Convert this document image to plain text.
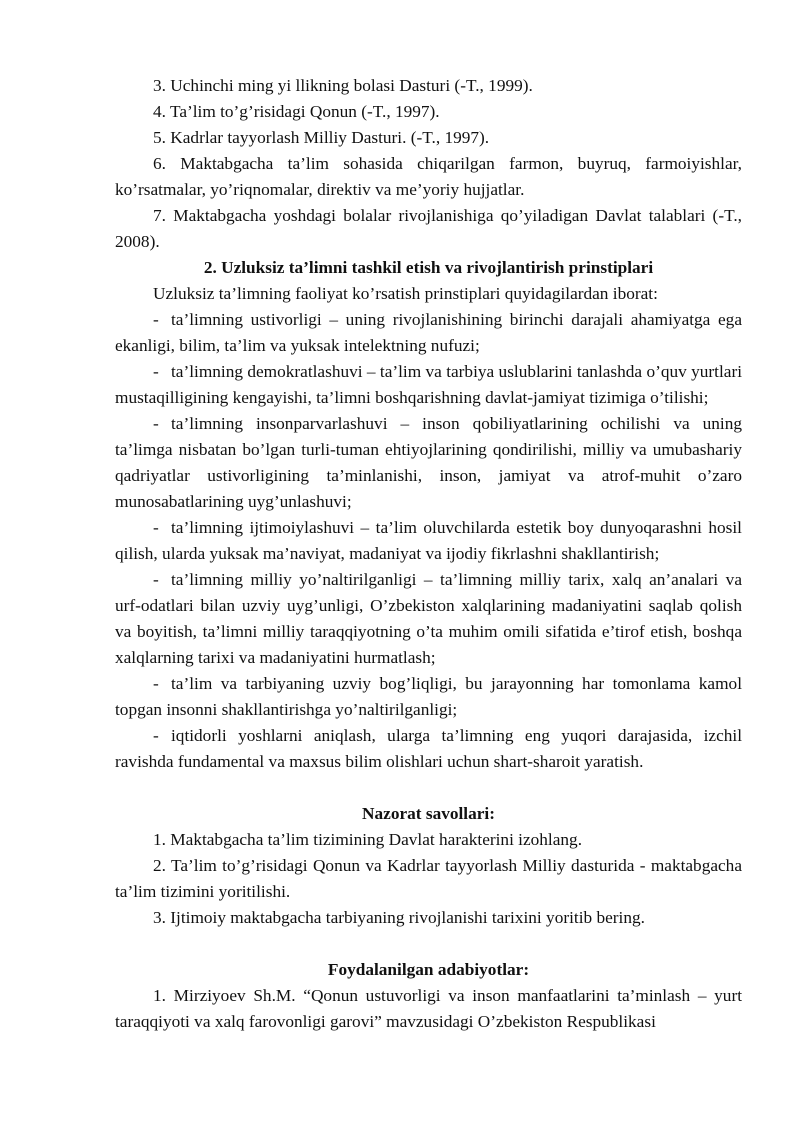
3. Uchinchi ming yi llikning bolasi Dasturi (-T., 1999).

4. Ta’lim to’g’risidagi Qonun (-T., 1997).

5. Kadrlar tayyorlash Milliy Dasturi. (-T., 1997).

6. Maktabgacha ta’lim sohasida chiqarilgan farmon, buyruq, farmoiyishlar, ko’rsatmalar, yo’riqnomalar, direktiv va me’yoriy hujjatlar.

7. Maktabgacha yoshdagi bolalar rivojlanishiga qo’yiladigan Davlat talablari (-T., 2008).

2. Uzluksiz ta’limni tashkil etish va rivojlantirish prinstiplari

Uzluksiz ta’limning faoliyat ko’rsatish prinstiplari quyidagilardan iborat:

- ta’limning ustivorligi – uning rivojlanishining birinchi darajali ahamiyatga ega ekanligi, bilim, ta’lim va yuksak intelektning nufuzi;

- ta’limning demokratlashuvi – ta’lim va tarbiya uslublarini tanlashda o’quv yurtlari mustaqilligining kengayishi, ta’limni boshqarishning davlat-jamiyat tizimiga o’tilishi;

- ta’limning insonparvarlashuvi – inson qobiliyatlarining ochilishi va uning ta’limga nisbatan bo’lgan turli-tuman ehtiyojlarining qondirilishi, milliy va umubashariy qadriyatlar ustivorligining ta’minlanishi, inson, jamiyat va atrof-muhit o’zaro munosabatlarining uyg’unlashuvi;

- ta’limning ijtimoiylashuvi – ta’lim oluvchilarda estetik boy dunyoqarashni hosil qilish, ularda yuksak ma’naviyat, madaniyat va ijodiy fikrlashni shakllantirish;

- ta’limning milliy yo’naltirilganligi – ta’limning milliy tarix, xalq an’analari va urf-odatlari bilan uzviy uyg’unligi, O’zbekiston xalqlarining madaniyatini saqlab qolish va boyitish, ta’limni milliy taraqqiyotning o’ta muhim omili sifatida e’tirof etish, boshqa xalqlarning tarixi va madaniyatini hurmatlash;

- ta’lim va tarbiyaning uzviy bog’liqligi, bu jarayonning har tomonlama kamol topgan insonni shakllantirishga yo’naltirilganligi;

- iqtidorli yoshlarni aniqlash, ularga ta’limning eng yuqori darajasida, izchil ravishda fundamental va maxsus bilim olishlari uchun shart-sharoit yaratish.

Nazorat savollari:

1. Maktabgacha ta’lim tizimining Davlat harakterini izohlang.

2. Ta’lim to’g’risidagi Qonun va Kadrlar tayyorlash Milliy dasturida - maktabgacha ta’lim tizimini yoritilishi.

3. Ijtimoiy maktabgacha tarbiyaning rivojlanishi tarixini yoritib bering.

Foydalanilgan adabiyotlar:

1. Mirziyoev Sh.M. “Qonun ustuvorligi va inson manfaatlarini ta’minlash – yurt taraqqiyoti va xalq farovonligi garovi” mavzusidagi O’zbekiston Respublikasi
